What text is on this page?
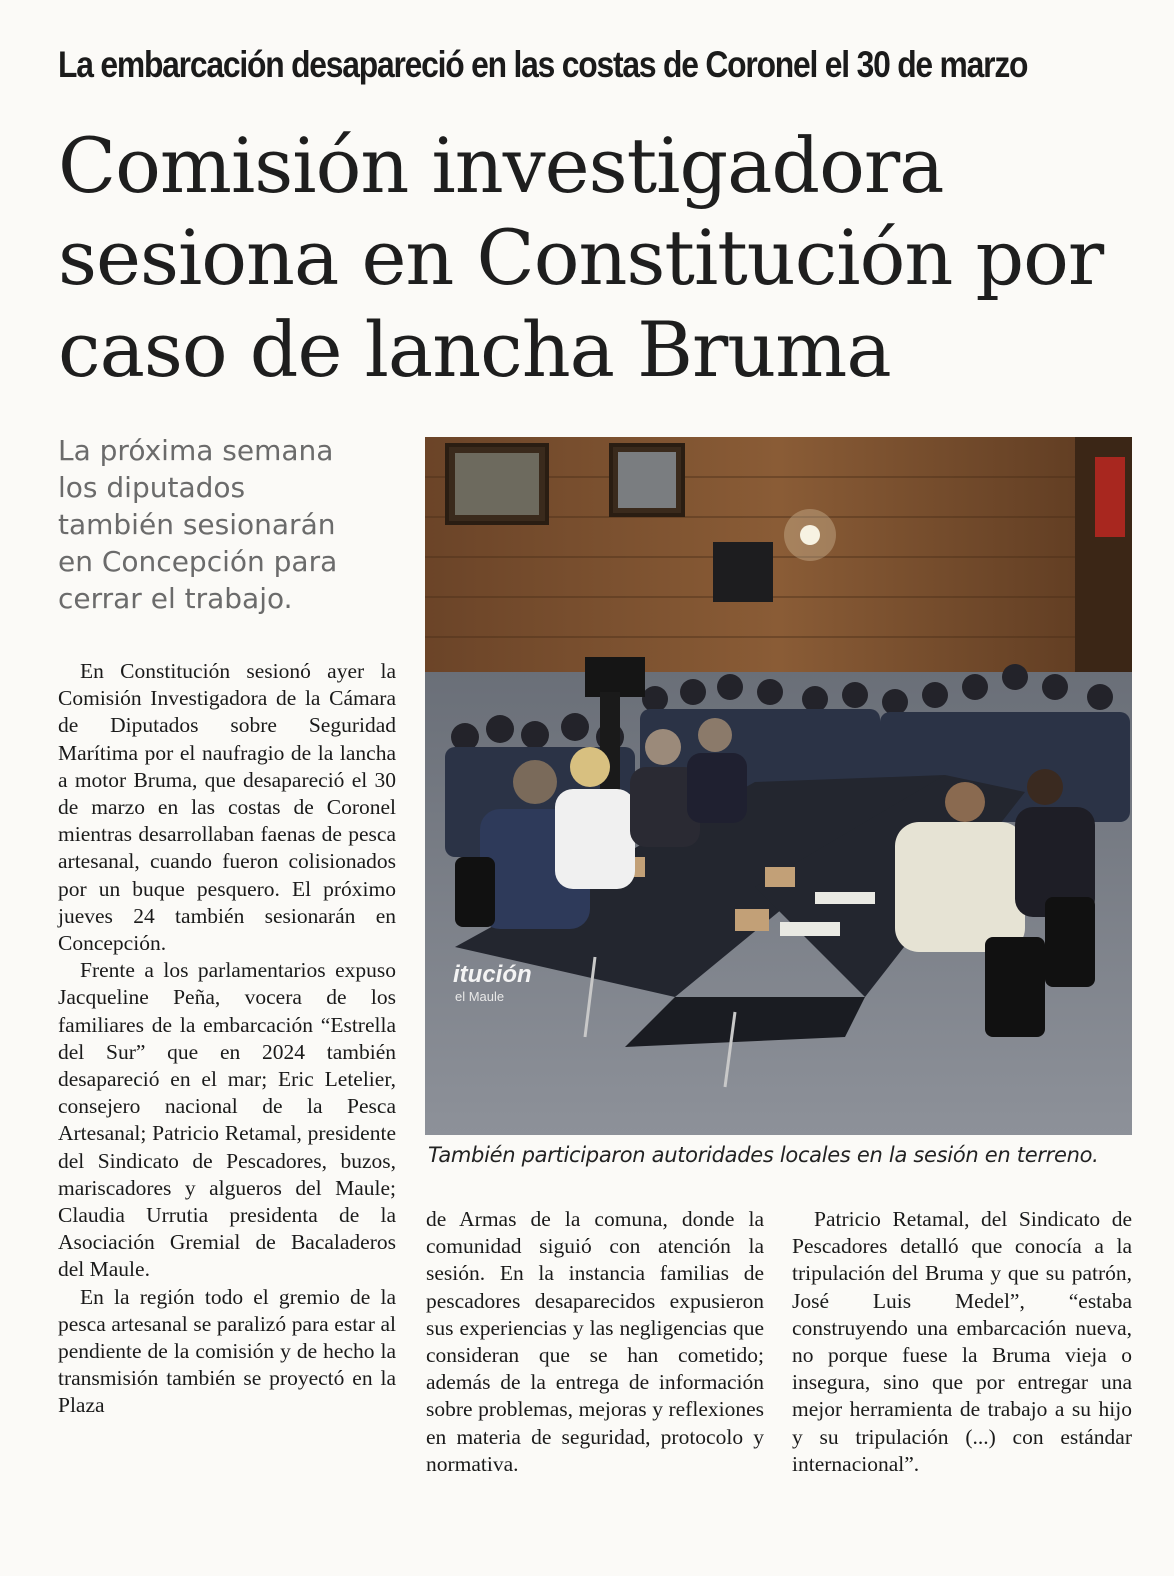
La embarcación desapareció en las costas de Coronel el 30 de marzo
Comisión investigadora
sesiona en Constitución por
caso de lancha Bruma
La próxima semana
los diputados
también sesionarán
en Concepción para
cerrar el trabajo.
itución
el Maule
También participaron autoridades locales en la sesión en terreno.

En Constitución sesionó ayer la Comisión Investigadora de la Cámara de Diputados sobre Seguridad Marítima por el naufragio de la lancha a motor Bruma, que desapareció el 30 de marzo en las costas de Coronel mientras desarrollaban faenas de pesca artesanal, cuando fueron colisionados por un buque pesquero. El próximo jueves 24 también sesionarán en Concepción.

Frente a los parlamentarios expuso Jacqueline Peña, vocera de los familiares de la embarcación “Estrella del Sur” que en 2024 también desapareció en el mar; Eric Letelier, consejero nacional de la Pesca Artesanal; Patricio Retamal, presidente del Sindicato de Pescadores, buzos, mariscadores y algueros del Maule; Claudia Urrutia presidenta de la Asociación Gremial de Bacaladeros del Maule.

En la región todo el gremio de la pesca artesanal se paralizó para estar al pendiente de la comisión y de hecho la transmisión también se proyectó en la Plaza

de Armas de la comuna, donde la comunidad siguió con atención la sesión. En la instancia familias de pescadores desaparecidos expusieron sus experiencias y las negligencias que consideran que se han cometido; además de la entrega de información sobre problemas, mejoras y reflexiones en materia de seguridad, protocolo y normativa.

Patricio Retamal, del Sindicato de Pescadores detalló que conocía a la tripulación del Bruma y que su patrón, José Luis Medel”, “estaba construyendo una embarcación nueva, no porque fuese la Bruma vieja o insegura, sino que por entregar una mejor herramienta de trabajo a su hijo y su tripulación (...) con estándar internacional”.
